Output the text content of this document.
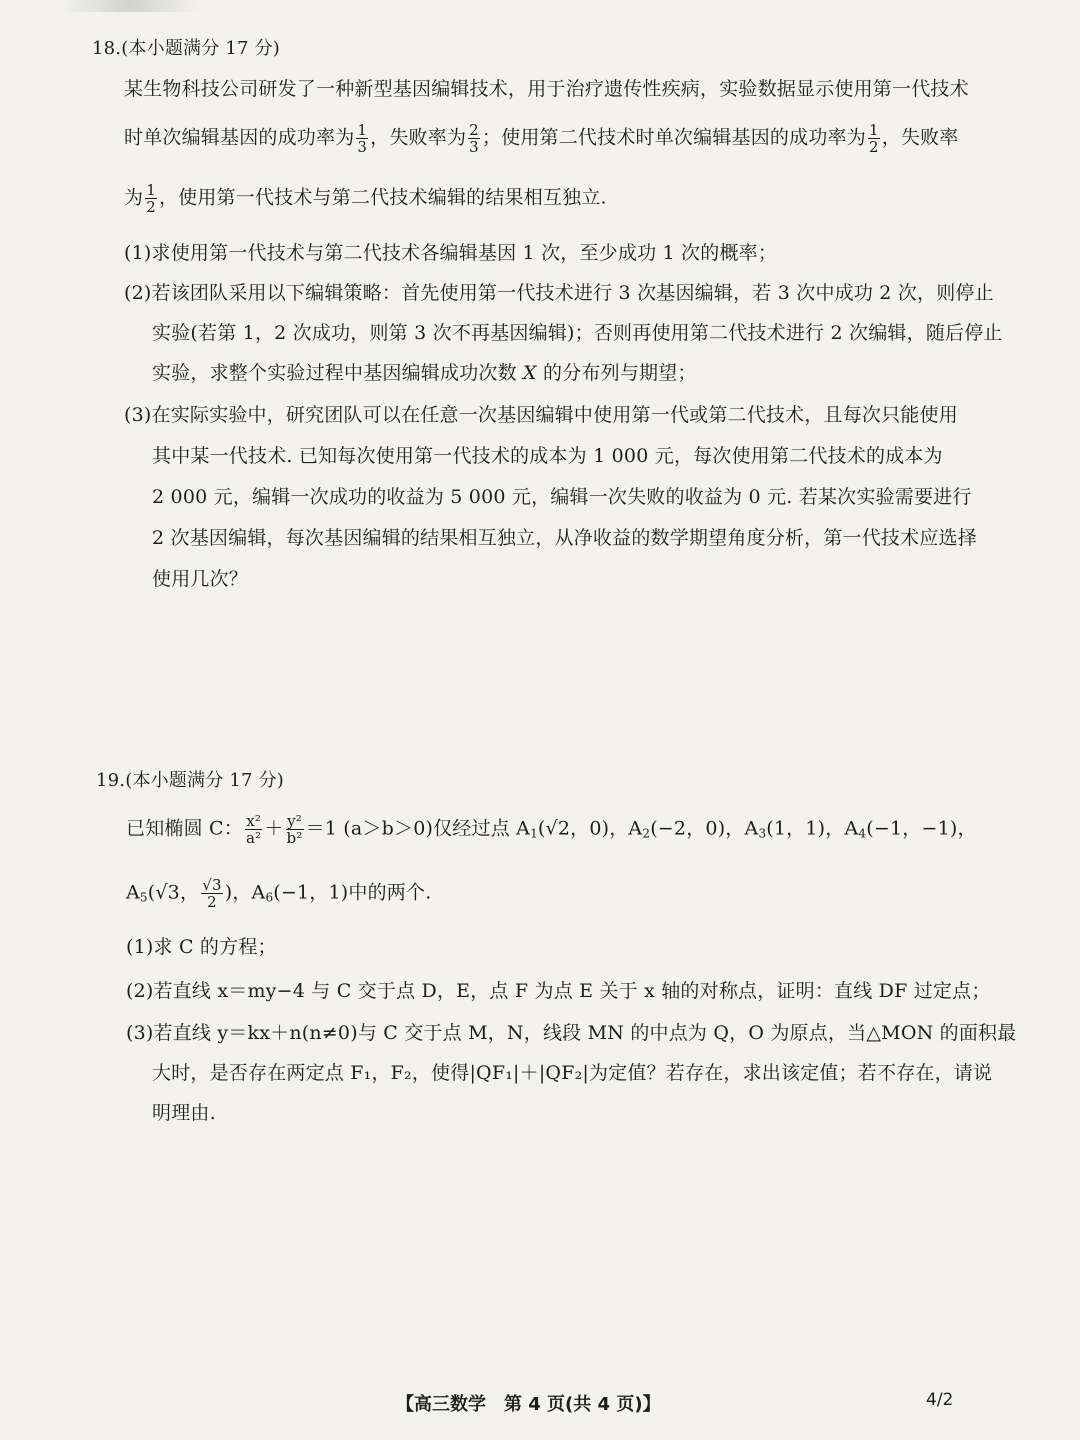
18.(本小题满分 17 分)
某生物科技公司研发了一种新型基因编辑技术，用于治疗遗传性疾病，实验数据显示使用第一代技术
时单次编辑基因的成功率为 $\frac{1}{3}$ ，失败率为 $\frac{2}{3}$ ；使用第二代技术时单次编辑基因的成功率为 $\frac{1}{2}$ ，失败率
为 $\frac{1}{2}$ ，使用第一代技术与第二代技术编辑的结果相互独立.
(1)求使用第一代技术与第二代技术各编辑基因 1 次，至少成功 1 次的概率；
(2)若该团队采用以下编辑策略：首先使用第一代技术进行 3 次基因编辑，若 3 次中成功 2 次，则停止
实验(若第 1，2 次成功，则第 3 次不再基因编辑)；否则再使用第二代技术进行 2 次编辑，随后停止
实验，求整个实验过程中基因编辑成功次数 X 的分布列与期望；
(3)在实际实验中，研究团队可以在任意一次基因编辑中使用第一代或第二代技术，且每次只能使用
其中某一代技术. 已知每次使用第一代技术的成本为 1 000 元，每次使用第二代技术的成本为
2 000 元，编辑一次成功的收益为 5 000 元，编辑一次失败的收益为 0 元. 若某次实验需要进行
2 次基因编辑，每次基因编辑的结果相互独立，从净收益的数学期望角度分析，第一代技术应选择
使用几次？
19.(本小题满分 17 分)
已知椭圆 C： $\frac{\text{x²}}{\text{a²}} + \frac{\text{y²}}{\text{b²}} =1$ (a＞b＞0)仅经过点 $A_1(√2$，0)，$A_2(-2$，0)，$A_3(1$，1)，$A_4(-1$，−1)，
$A_5(√3$， $\frac{√3}{2}$ )，$A_6(-1$，1)中的两个.
(1)求 C 的方程；
(2)若直线 x＝my−4 与 C 交于点 D，E，点 F 为点 E 关于 x 轴的对称点，证明：直线 DF 过定点；
(3)若直线 y＝kx＋n(n≠0)与 C 交于点 M，N，线段 MN 的中点为 Q，O 为原点，当△MON 的面积最
大时，是否存在两定点 F₁，F₂，使得|QF₁|＋|QF₂|为定值？若存在，求出该定值；若不存在，请说
明理由.
【高三数学　第 4 页(共 4 页)】	4/2
